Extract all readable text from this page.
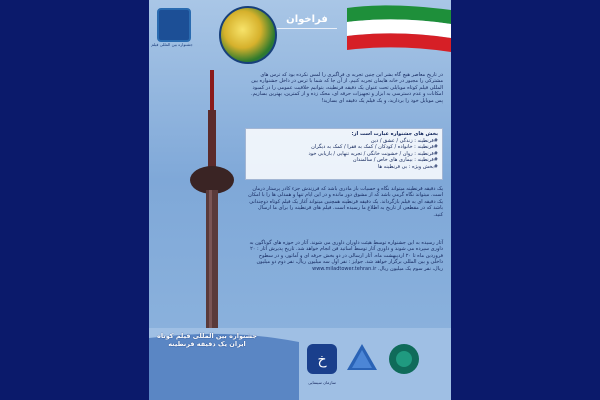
جشنواره بین المللی فیلم
فراخوان
در تاریخ معاصر هیچ گاه بشر این چنین تجربه ی فراگیری را لمس نکرده بود که ترس های مشترکی را مجبور در خانه هایمان تجربه کنیم. از آن جا که شما با ترس در داخل جشنواره بین المللی فیلم کوتاه موبایلی تحت عنوان یک دقیقه قرنطینه، بتوانیم خلاقیت عمومی را در کمبود امکانات و عدم دسترسی به ابزار و تجهیزات حرفه ای، محک زده و از کمترین، بهترین بسازیم. پس موبایل خود را بردارید، و یک فیلم یک دقیقه ای بسازید!
بخش های جشنواره عبارت است از:
#قرنطینه : زندگی / عشق / دین
#قرنطینه : خانواده / کودکان / کمک به فقرا / کمک به دیگران
#قرنطینه : روان / خشونت خانگی / تجربه تنهایی / بازیابی خود
#قرنطینه : بیماری های خاص / سالمندان
#بخش ویژه : بی قرنطینه ها
یک دقیقه قرنطینه میتواند نگاه و حسیات باز مادری باشد که فرزندش جزء کادر پرستار درمان است. میتواند نگاه گرمی باشد که از مشوق دور مانده و در این ایام تنها و همدلی ها را با امکان یک دقیقه ای به فیلم بازگرداند. یک دقیقه قرنطینه همچنین میتواند آغاز یک فیلم کوتاه دوچندانی باشد که در مقطعی از تاریخ به اطلاع ما رسیده است. فیلم های قرنطینه را برای ما ارسال کنید.
آثار رسیده به این جشنواره توسط هیئت داوران داوری می شوند. آثار در حوزه های گوناگون به داوری سپرده می شوند و داوری آثار توسط اساتید فن انجام خواهد شد. تاریخ پذیرش آثار : ۲۰ فروردین ماه تا ۲۰ اردیبهشت ماه. آثار ارسالی در دو بخش حرفه ای و آماتور، و در سطوح داخلی و بین المللی برگزار خواهد شد. جوایز : نفر اول سه میلیون ریال، نفر دوم دو میلیون ریال، نفر سوم یک میلیون ریال. www.miladtower.tehran.ir
جشنواره بین المللی فیلم کوتاه ایران یک دقیقه قرنطینه
خ
سازمان سینمایی
